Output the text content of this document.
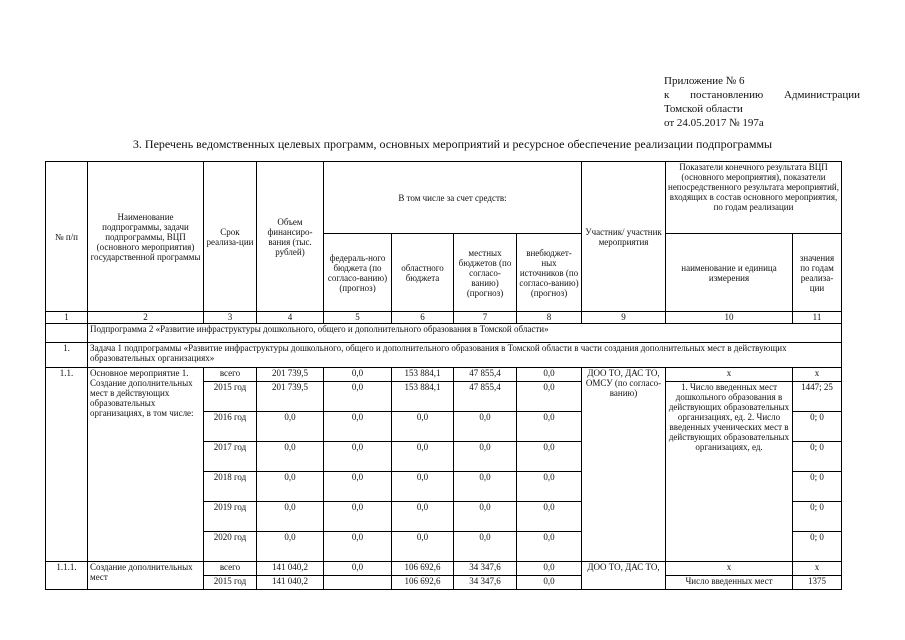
Приложение № 6
к постановлению Администрации
Томской области
от 24.05.2017 № 197а
3. Перечень ведомственных целевых программ, основных мероприятий и ресурсное обеспечение реализации подпрограммы
№ п/п	Наименование подпрограммы, задачи подпрограммы, ВЦП (основного мероприятия) государственной программы	Срок реализа-ции	Объем финансиро-вания (тыс. рублей)	В том числе за счет средств:				Участник/ участник мероприятия	Показатели конечного результата ВЦП (основного мероприятия), показатели непосредственного результата мероприятий, входящих в состав основного мероприятия, по годам реализации	
				федераль-ного бюджета (по согласо-ванию) (прогноз)	областного бюджета	местных бюджетов (по согласо-ванию) (прогноз)	внебюджет-ных источников (по согласо-ванию) (прогноз)		наименование и единица измерения	значения по годам реализа-ции
1	2	3	4	5	6	7	8	9	10	11
	Подпрограмма 2 «Развитие инфраструктуры дошкольного, общего и дополнительного образования в Томской области»									
1.	Задача 1 подпрограммы «Развитие инфраструктуры дошкольного, общего и дополнительного образования в Томской области в части создания дополнительных мест в действующих образовательных организациях»									
1.1.	Основное мероприятие 1. Создание дополнительных мест в действующих образовательных организациях, в том числе:	всего	201 739,5	0,0	153 884,1	47 855,4	0,0	ДОО ТО, ДАС ТО, ОМСУ (по согласо-ванию)	х	х
		2015 год	201 739,5	0,0	153 884,1	47 855,4	0,0		1. Число введенных мест дошкольного образования в действующих образовательных организациях, ед. 2. Число введенных ученических мест в действующих образовательных организациях, ед.	1447; 25
		2016 год	0,0	0,0	0,0	0,0	0,0			0; 0
		2017 год	0,0	0,0	0,0	0,0	0,0			0; 0
		2018 год	0,0	0,0	0,0	0,0	0,0			0; 0
		2019 год	0,0	0,0	0,0	0,0	0,0			0; 0
		2020 год	0,0	0,0	0,0	0,0	0,0			0; 0
1.1.1.	Создание дополнительных мест	всего	141 040,2	0,0	106 692,6	34 347,6	0,0	ДОО ТО, ДАС ТО,	х	х
		2015 год	141 040,2		106 692,6	34 347,6	0,0		Число введенных мест	1375
